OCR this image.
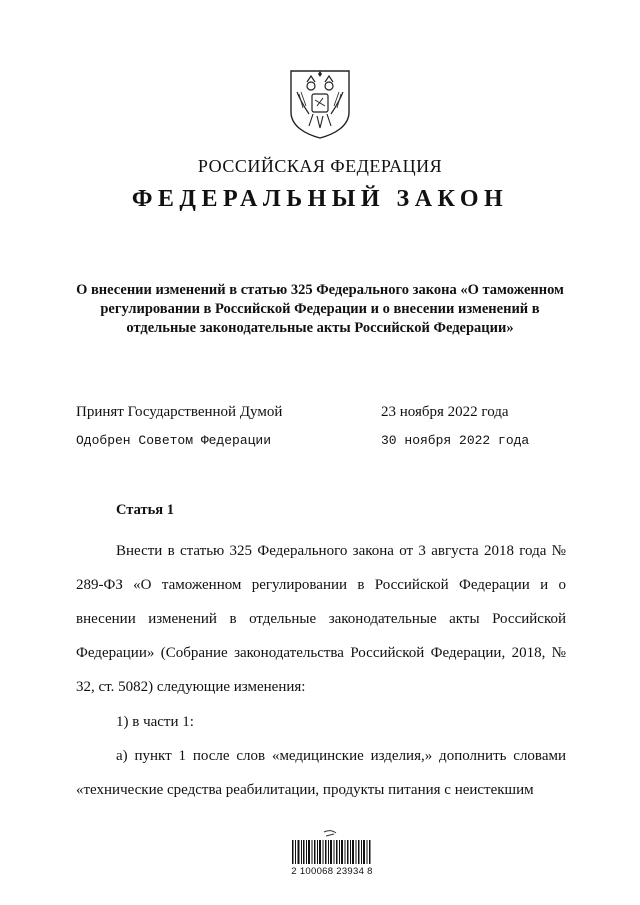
РОССИЙСКАЯ ФЕДЕРАЦИЯ
ФЕДЕРАЛЬНЫЙ ЗАКОН
О внесении изменений в статью 325 Федерального закона «О таможенном регулировании в Российской Федерации и о внесении изменений в отдельные законодательные акты Российской Федерации»
Принят Государственной Думой	23 ноября 2022 года
Одобрен Советом Федерации	30 ноября 2022 года
Статья 1

Внести в статью 325 Федерального закона от 3 августа 2018 года № 289-ФЗ «О таможенном регулировании в Российской Федерации и о внесении изменений в отдельные законодательные акты Российской Федерации» (Собрание законодательства Российской Федерации, 2018, № 32, ст. 5082) следующие изменения:

1) в части 1:

а) пункт 1 после слов «медицинские изделия,» дополнить словами «технические средства реабилитации, продукты питания с неистекшим

2 100068 23934 8
